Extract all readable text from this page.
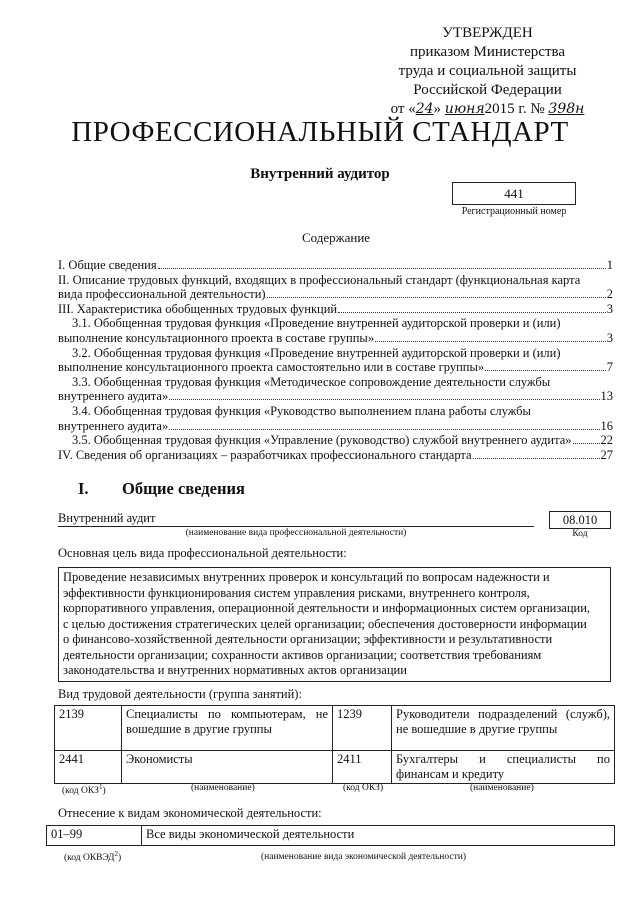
УТВЕРЖДЕН
приказом Министерства
труда и социальной защиты
Российской Федерации
от «24» июня2015 г. № 398н
ПРОФЕССИОНАЛЬНЫЙ СТАНДАРТ
Внутренний аудитор
441
Регистрационный номер
Содержание
I. Общие сведения	1
II. Описание трудовых функций, входящих в профессиональный стандарт (функциональная карта
вида профессиональной деятельности)	2
III. Характеристика обобщенных трудовых функций	3
3.1. Обобщенная трудовая функция «Проведение внутренней аудиторской проверки и (или)
выполнение консультационного проекта в составе группы»	3
3.2. Обобщенная трудовая функция «Проведение внутренней аудиторской проверки и (или)
выполнение консультационного проекта самостоятельно или в составе группы»	7
3.3. Обобщенная трудовая функция «Методическое сопровождение деятельности службы
внутреннего аудита»	13
3.4. Обобщенная трудовая функция «Руководство выполнением плана работы службы
внутреннего аудита»	16
3.5. Обобщенная трудовая функция «Управление (руководство) службой внутреннего аудита» 22
IV. Сведения об организациях – разработчиках профессионального стандарта	27
I. Общие сведения
Внутренний аудит
(наименование вида профессиональной деятельности)
08.010
Код
Основная цель вида профессиональной деятельности:
Проведение независимых внутренних проверок и консультаций по вопросам надежности и
эффективности функционирования систем управления рисками, внутреннего контроля,
корпоративного управления, операционной деятельности и информационных систем организации,
с целью достижения стратегических целей организации; обеспечения достоверности информации
о финансово-хозяйственной деятельности организации; эффективности и результативности
деятельности организации; сохранности активов организации; соответствия требованиям
законодательства и внутренних нормативных актов организации
Вид трудовой деятельности (группа занятий):
2139	Специалисты по компьютерам, не вошедшие в другие группы	1239	Руководители подразделений (служб), не вошедшие в другие группы
2441	Экономисты	2411	Бухгалтеры и специалисты по финансам и кредиту
(код ОКЗ$^1$)	(наименование)	(код ОКЗ)	(наименование)
Отнесение к видам экономической деятельности:
01–99	Все виды экономической деятельности
(код ОКВЭД$^2$)	(наименование вида экономической деятельности)
